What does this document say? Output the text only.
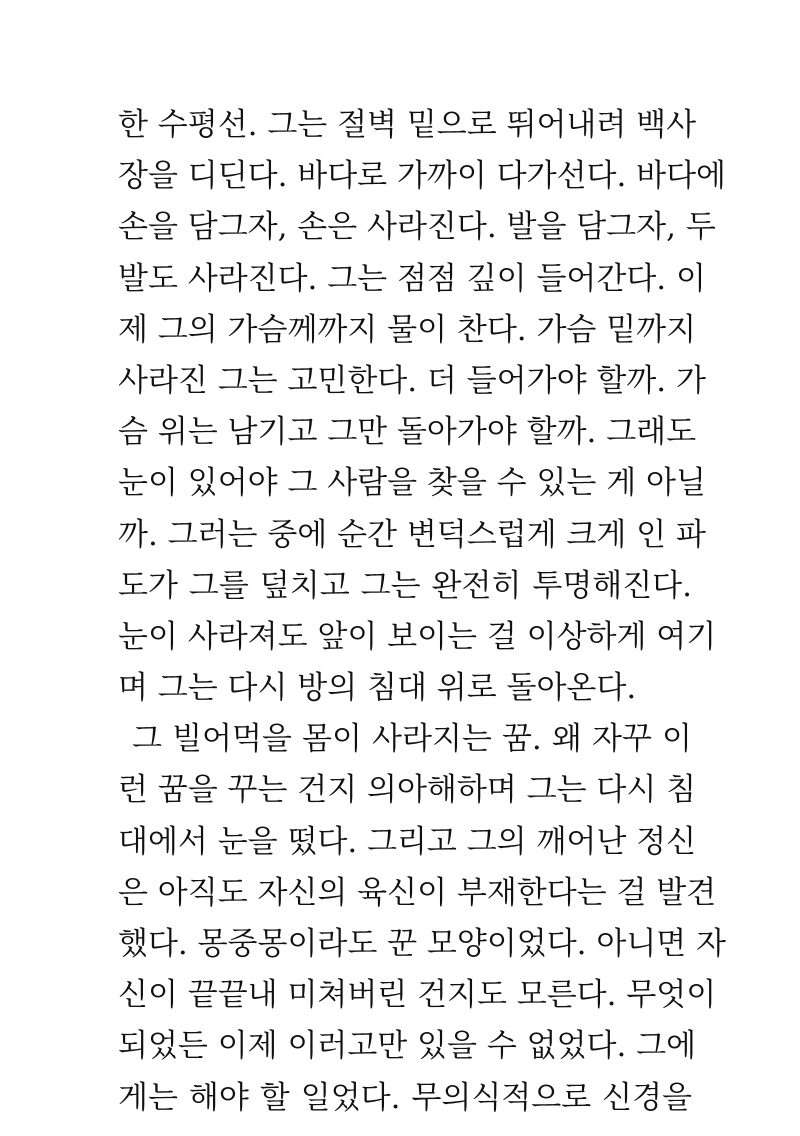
한 수평선. 그는 절벽 밑으로 뛰어내려 백사
장을 디딘다. 바다로 가까이 다가선다. 바다에
손을 담그자, 손은 사라진다. 발을 담그자, 두
발도 사라진다. 그는 점점 깊이 들어간다. 이
제 그의 가슴께까지 물이 찬다. 가슴 밑까지
사라진 그는 고민한다. 더 들어가야 할까. 가
슴 위는 남기고 그만 돌아가야 할까. 그래도
눈이 있어야 그 사람을 찾을 수 있는 게 아닐
까. 그러는 중에 순간 변덕스럽게 크게 인 파
도가 그를 덮치고 그는 완전히 투명해진다.
눈이 사라져도 앞이 보이는 걸 이상하게 여기
며 그는 다시 방의 침대 위로 돌아온다.
그 빌어먹을 몸이 사라지는 꿈. 왜 자꾸 이
런 꿈을 꾸는 건지 의아해하며 그는 다시 침
대에서 눈을 떴다. 그리고 그의 깨어난 정신
은 아직도 자신의 육신이 부재한다는 걸 발견
했다. 몽중몽이라도 꾼 모양이었다. 아니면 자
신이 끝끝내 미쳐버린 건지도 모른다. 무엇이
되었든 이제 이러고만 있을 수 없었다. 그에
게는 해야 할 일었다. 무의식적으로 신경을
